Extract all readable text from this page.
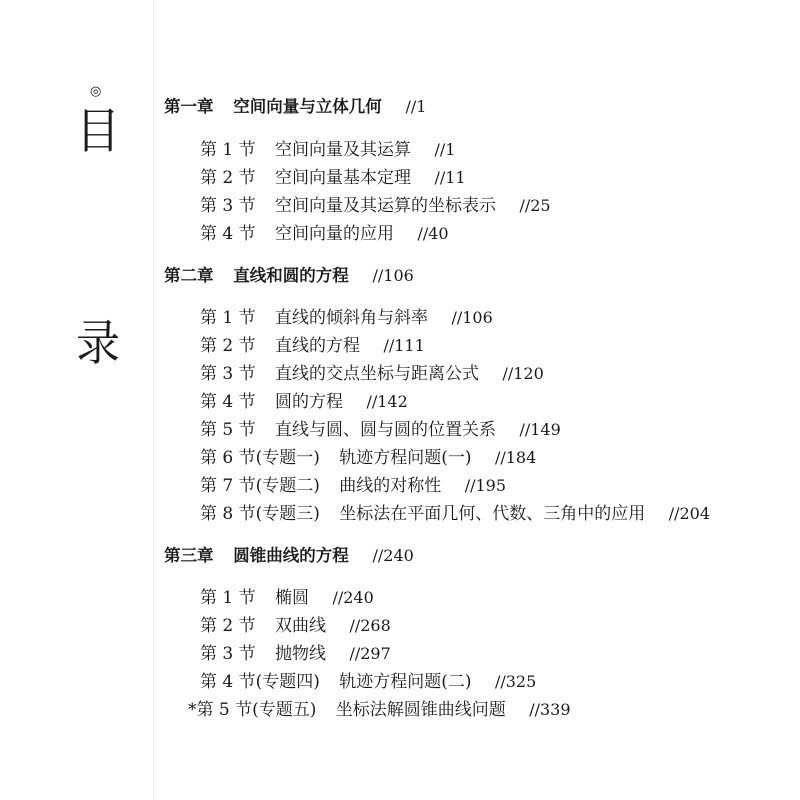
◎
目
录
第一章 空间向量与立体几何 //1
第 1 节 空间向量及其运算 //1
第 2 节 空间向量基本定理 //11
第 3 节 空间向量及其运算的坐标表示 //25
第 4 节 空间向量的应用 //40
第二章 直线和圆的方程 //106
第 1 节 直线的倾斜角与斜率 //106
第 2 节 直线的方程 //111
第 3 节 直线的交点坐标与距离公式 //120
第 4 节 圆的方程 //142
第 5 节 直线与圆、圆与圆的位置关系 //149
第 6 节(专题一) 轨迹方程问题(一) //184
第 7 节(专题二) 曲线的对称性 //195
第 8 节(专题三) 坐标法在平面几何、代数、三角中的应用 //204
第三章 圆锥曲线的方程 //240
第 1 节 椭圆 //240
第 2 节 双曲线 //268
第 3 节 抛物线 //297
第 4 节(专题四) 轨迹方程问题(二) //325
*第 5 节(专题五) 坐标法解圆锥曲线问题 //339
